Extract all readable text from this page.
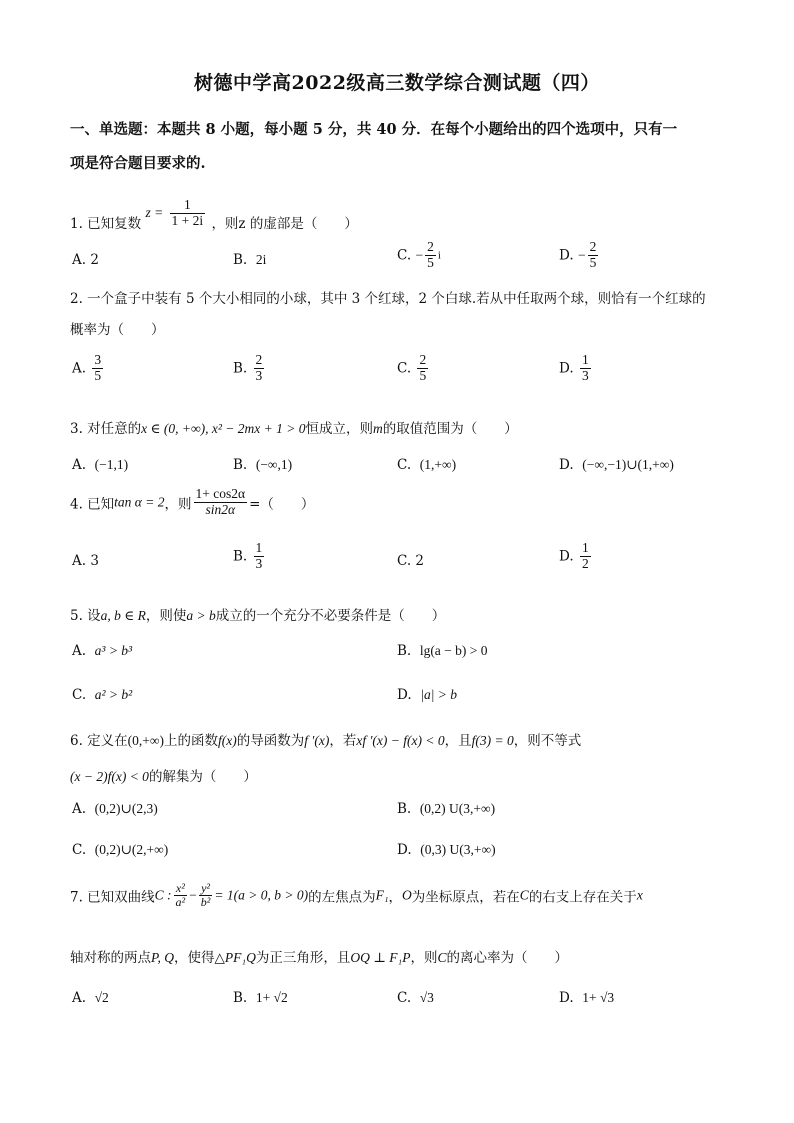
树德中学高2022级高三数学综合测试题（四）
一、单选题：本题共 8 小题，每小题 5 分，共 40 分．在每个小题给出的四个选项中，只有一
项是符合题目要求的.
1. 已知复数 $z = \frac{1}{1 + 2i}$ ，则z 的虚部是（　　）
A. 2	B. 2i	C. − $\frac{2}{5}$ i	D. − $\frac{2}{5}$
2. 一个盒子中装有 5 个大小相同的小球，其中 3 个红球，2 个白球.若从中任取两个球，则恰有一个红球的
概率为（　　）
A. $\frac{3}{5}$	B. $\frac{2}{3}$	C. $\frac{2}{5}$	D. $\frac{1}{3}$
3. 对任意的x ∈ (0, +∞), x² − 2mx + 1 > 0恒成立，则m的取值范围为（　　）
A. (−1,1)	B. (−∞,1)	C. (1,+∞)	D. (−∞,−1)∪(1,+∞)
4. 已知tan α = 2，则 $\frac{1+ \cos 2\alpha}{\sin 2\alpha}$ =（　　）
A. 3	B. $\frac{1}{3}$	C. 2	D. $\frac{1}{2}$
5. 设a, b ∈ R，则使a > b成立的一个充分不必要条件是（　　）
A. a³ > b³	B. lg(a − b) > 0
C. a² > b²	D. |a| > b
6. 定义在(0,+∞)上的函数f(x)的导函数为f ′(x)，若xf ′(x) − f(x) < 0，且f(3) = 0，则不等式
(x − 2)f(x) < 0的解集为（　　）
A. (0,2)∪(2,3)	B. (0,2) U(3,+∞)
C. (0,2)∪(2,+∞)	D. (0,3) U(3,+∞)
7. 已知双曲线C : $\frac{\text{x²}}{\text{a²}} - \frac{\text{y²}}{\text{b²}} = 1(a > 0$, b > 0)的左焦点为F₁，O为坐标原点，若在C的右支上存在关于x
轴对称的两点P, Q，使得△PF₁Q为正三角形，且OQ ⊥ F₁P，则C的离心率为（　　）
A. √2	B. 1+ √2	C. √3	D. 1+ √3
